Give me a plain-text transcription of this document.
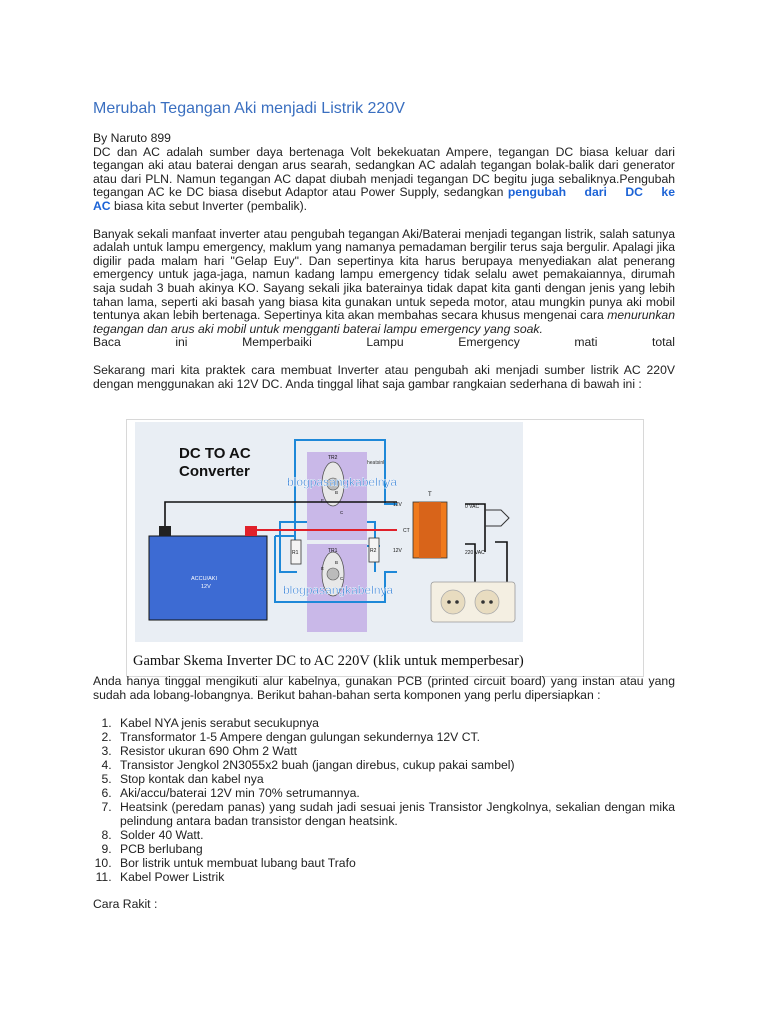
Merubah Tegangan Aki menjadi Listrik 220V

By Naruto 899

DC dan AC adalah sumber daya bertenaga Volt bekekuatan Ampere, tegangan DC biasa keluar dari tegangan aki atau baterai dengan arus searah, sedangkan AC adalah tegangan bolak-balik dari generator atau dari PLN. Namun tegangan AC dapat diubah menjadi tegangan DC begitu juga sebaliknya.Pengubah tegangan AC ke DC biasa disebut Adaptor atau Power Supply, sedangkan pengubah dari DC ke AC biasa kita sebut Inverter (pembalik).

Banyak sekali manfaat inverter atau pengubah tegangan Aki/Baterai menjadi tegangan listrik, salah satunya adalah untuk lampu emergency, maklum yang namanya pemadaman bergilir terus saja bergulir. Apalagi jika digilir pada malam hari "Gelap Euy". Dan sepertinya kita harus berupaya menyediakan alat penerang emergency untuk jaga-jaga, namun kadang lampu emergency tidak selalu awet pemakaiannya, dirumah saja sudah 3 buah akinya KO. Sayang sekali jika baterainya tidak dapat kita ganti dengan jenis yang lebih tahan lama, seperti aki basah yang biasa kita gunakan untuk sepeda motor, atau mungkin punya aki mobil tentunya akan lebih bertenaga. Sepertinya kita akan membahas secara khusus mengenai cara menurunkan tegangan dan arus aki mobil untuk mengganti baterai lampu emergency yang soak.

Baca ini Memperbaiki Lampu Emergency mati total

Sekarang mari kita praktek cara membuat Inverter atau pengubah aki menjadi sumber listrik AC 220V dengan menggunakan aki 12V DC. Anda tinggal lihat saja gambar rangkaian sederhana di bawah ini :

DC TO AC
Converter	heatsink
TR2
B
E
C
TR1
B
E
C
R1	R2
ACCU/AKI
12V
T
12V
CT
12V
0 VAC
220 VAC
blogpasangkabelnya
blogpasangkabelnya
Gambar Skema Inverter DC to AC 220V (klik untuk memperbesar)

Anda hanya tinggal mengikuti alur kabelnya, gunakan PCB (printed circuit board) yang instan atau yang sudah ada lobang-lobangnya. Berikut bahan-bahan serta komponen yang perlu dipersiapkan :

1. Kabel NYA jenis serabut secukupnya
2. Transformator 1-5 Ampere dengan gulungan sekundernya 12V CT.
3. Resistor ukuran 690 Ohm 2 Watt
4. Transistor Jengkol 2N3055x2 buah (jangan direbus, cukup pakai sambel)
5. Stop kontak dan kabel nya
6. Aki/accu/baterai 12V min 70% setrumannya.
7. Heatsink (peredam panas) yang sudah jadi sesuai jenis Transistor Jengkolnya, sekalian dengan mika pelindung antara badan transistor dengan heatsink.
8. Solder 40 Watt.
9. PCB berlubang
10. Bor listrik untuk membuat lubang baut Trafo
11. Kabel Power Listrik

Cara Rakit :
